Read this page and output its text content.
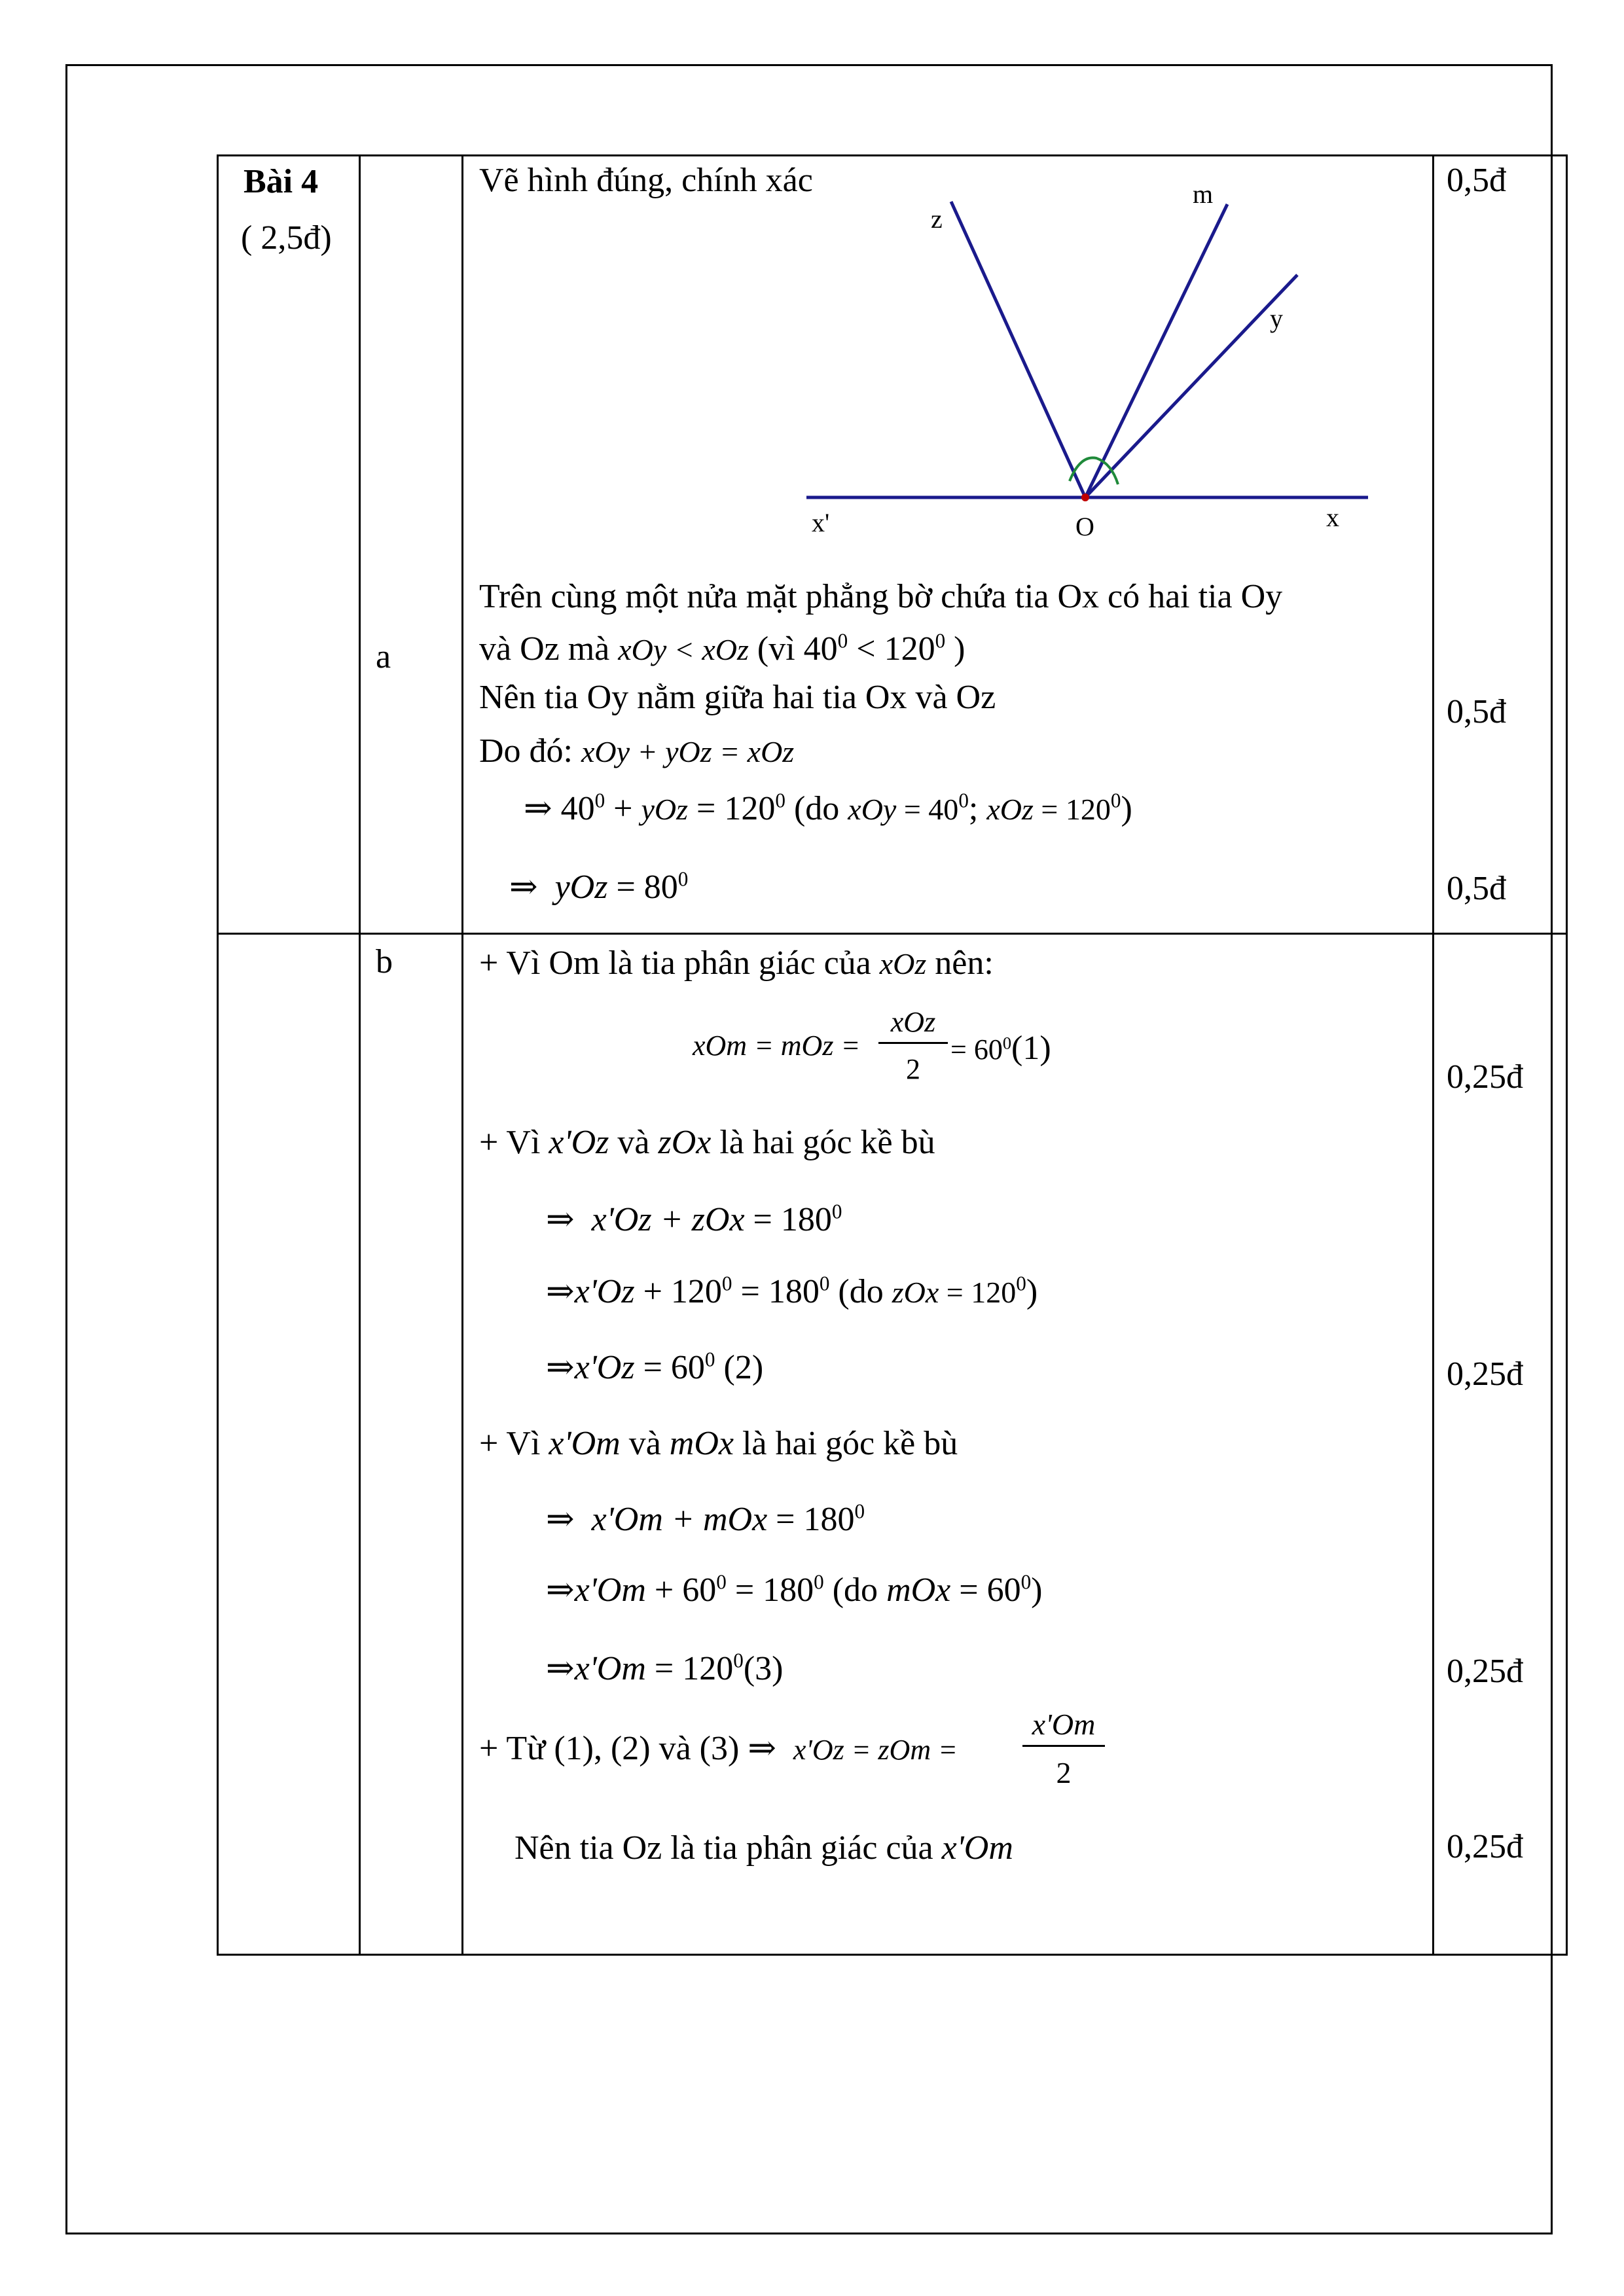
Bài 4
( 2,5đ)
a
b
Vẽ hình đúng, chính xác
z
m
y
x'	O	x
Trên cùng một nửa mặt phẳng bờ chứa tia Ox có hai tia Oy
và Oz mà xOy < xOz (vì $40^0 < 120^0$ )
Nên tia Oy nằm giữa hai tia Ox và Oz
Do đó: xOy + yOz = xOz
⇒ $40^0$ + yOz = $120^0$ (do xOy = $40^0$; xOz = $120^0$)
⇒ yOz = $80^0$
+ Vì Om là tia phân giác của xOz nên:
xOm = mOz =
xOz
2
= $60^0(1)$
+ Vì x'Oz và zOx là hai góc kề bù
⇒ x'Oz + zOx = $180^0$
⇒x'Oz + $120^0 = 180^0$ (do zOx = $120^0$)
⇒x'Oz = $60^0$ (2)
+ Vì x'Om và mOx là hai góc kề bù
⇒ x'Om + mOx = $180^0$
⇒x'Om + $60^0 = 180^0$ (do mOx = $60^0$)
⇒x'Om = $120^0(3)$
+ Từ (1), (2) và (3) ⇒ x'Oz = zOm =
x'Om
2
Nên tia Oz là tia phân giác của x'Om
0,5đ
0,5đ
0,5đ
0,25đ
0,25đ
0,25đ
0,25đ
